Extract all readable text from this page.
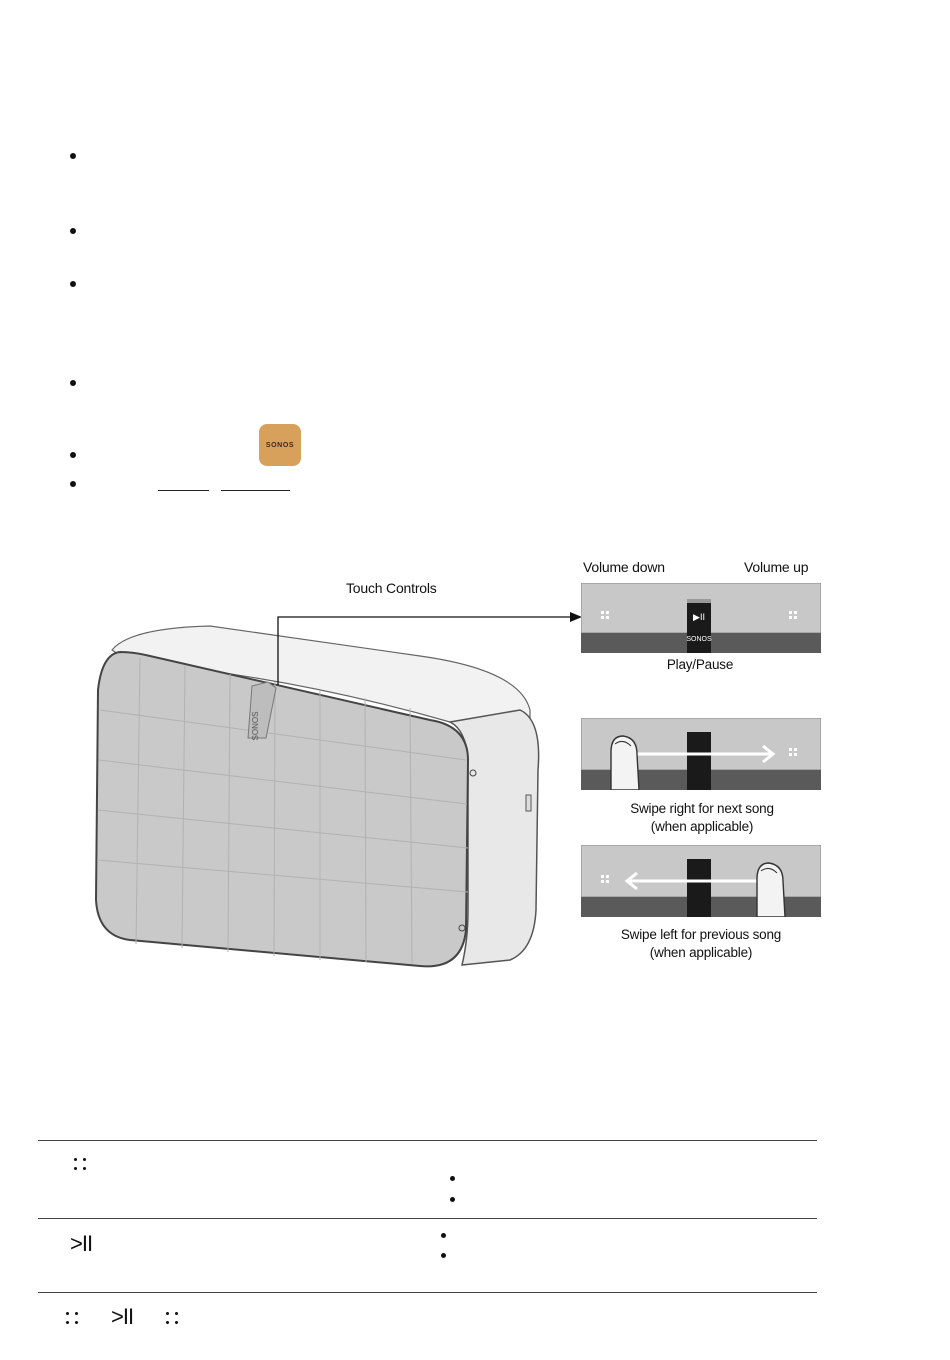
SONOS
SONOS
Touch Controls
Volume down	Volume up
▶II
SONOS
Play/Pause
Swipe right for next song
(when applicable)
Swipe left for previous song
(when applicable)
>II
>II
